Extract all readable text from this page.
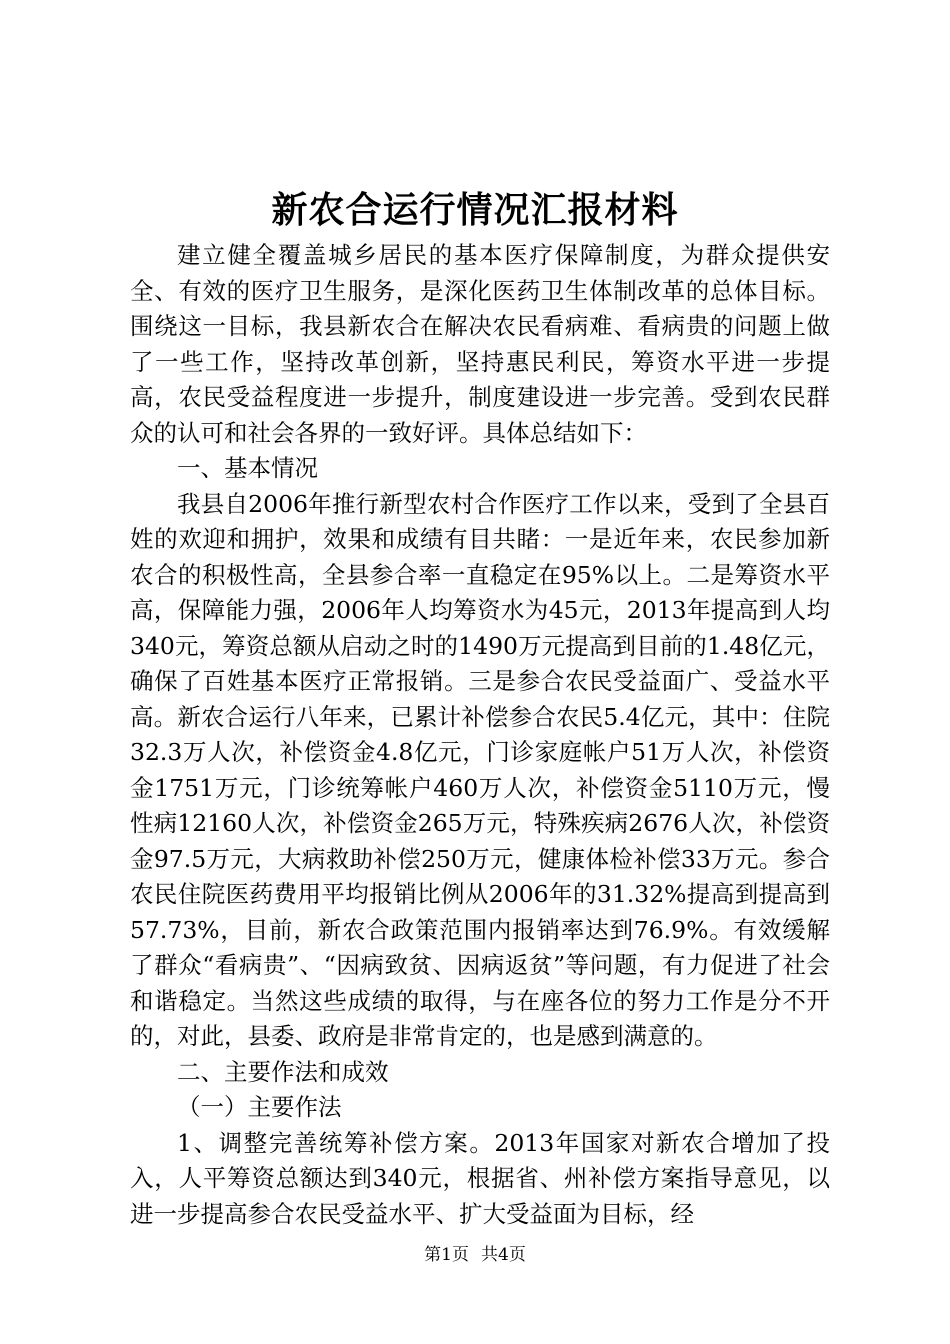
新农合运行情况汇报材料

建立健全覆盖城乡居民的基本医疗保障制度，为群众提供安全、有效的医疗卫生服务，是深化医药卫生体制改革的总体目标。围绕这一目标，我县新农合在解决农民看病难、看病贵的问题上做了一些工作，坚持改革创新，坚持惠民利民，筹资水平进一步提高，农民受益程度进一步提升，制度建设进一步完善。受到农民群众的认可和社会各界的一致好评。具体总结如下：

一、基本情况

我县自2006年推行新型农村合作医疗工作以来，受到了全县百姓的欢迎和拥护，效果和成绩有目共睹：一是近年来，农民参加新农合的积极性高，全县参合率一直稳定在95%以上。二是筹资水平高，保障能力强，2006年人均筹资水为45元，2013年提高到人均340元，筹资总额从启动之时的1490万元提高到目前的1.48亿元，确保了百姓基本医疗正常报销。三是参合农民受益面广、受益水平高。新农合运行八年来，已累计补偿参合农民5.4亿元，其中：住院32.3万人次，补偿资金4.8亿元，门诊家庭帐户51万人次，补偿资金1751万元，门诊统筹帐户460万人次，补偿资金5110万元，慢性病12160人次，补偿资金265万元，特殊疾病2676人次，补偿资金97.5万元，大病救助补偿250万元，健康体检补偿33万元。参合农民住院医药费用平均报销比例从2006年的31.32%提高到提高到57.73%，目前，新农合政策范围内报销率达到76.9%。有效缓解了群众“看病贵”、“因病致贫、因病返贫”等问题，有力促进了社会和谐稳定。当然这些成绩的取得，与在座各位的努力工作是分不开的，对此，县委、政府是非常肯定的，也是感到满意的。

二、主要作法和成效

（一）主要作法

1、调整完善统筹补偿方案。2013年国家对新农合增加了投入，人平筹资总额达到340元，根据省、州补偿方案指导意见，以进一步提高参合农民受益水平、扩大受益面为目标，经

第1页 共4页
